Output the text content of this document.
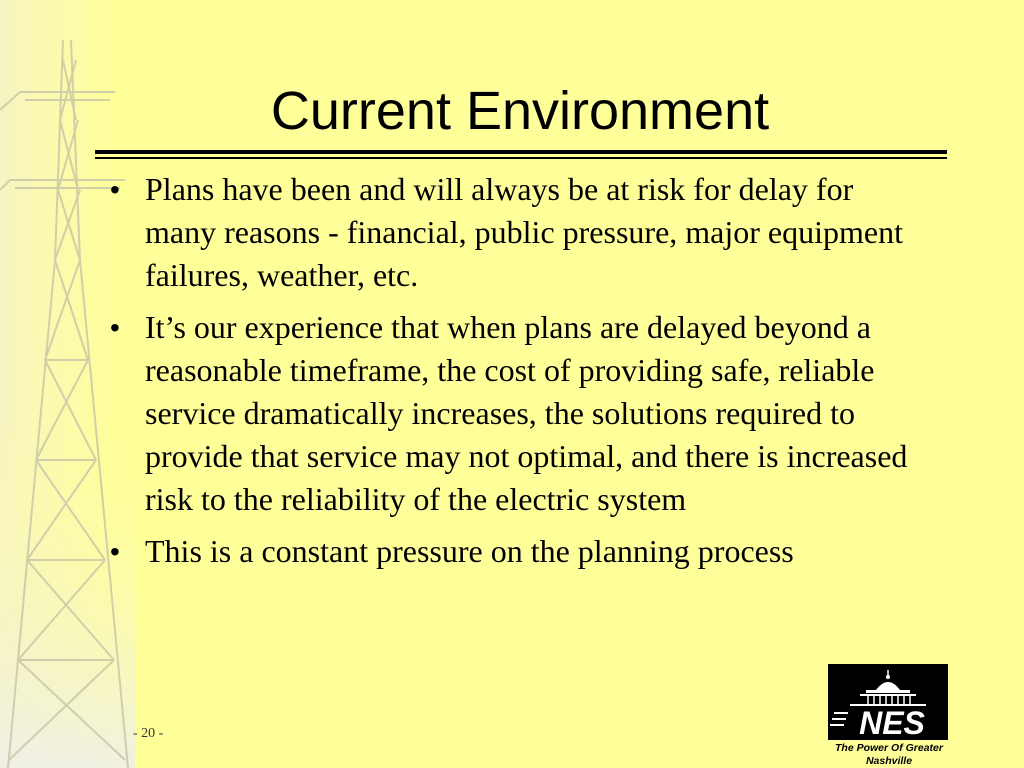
Current Environment
• Plans have been and will always be at risk for delay for many reasons - financial, public pressure, major equipment failures, weather, etc.
• It’s our experience that when plans are delayed beyond a reasonable timeframe, the cost of providing safe, reliable service dramatically increases, the solutions required to provide that service may not optimal, and there is increased risk to the reliability of the electric system
• This is a constant pressure on the planning process
- 20 -	NES
The Power Of Greater
Nashville
